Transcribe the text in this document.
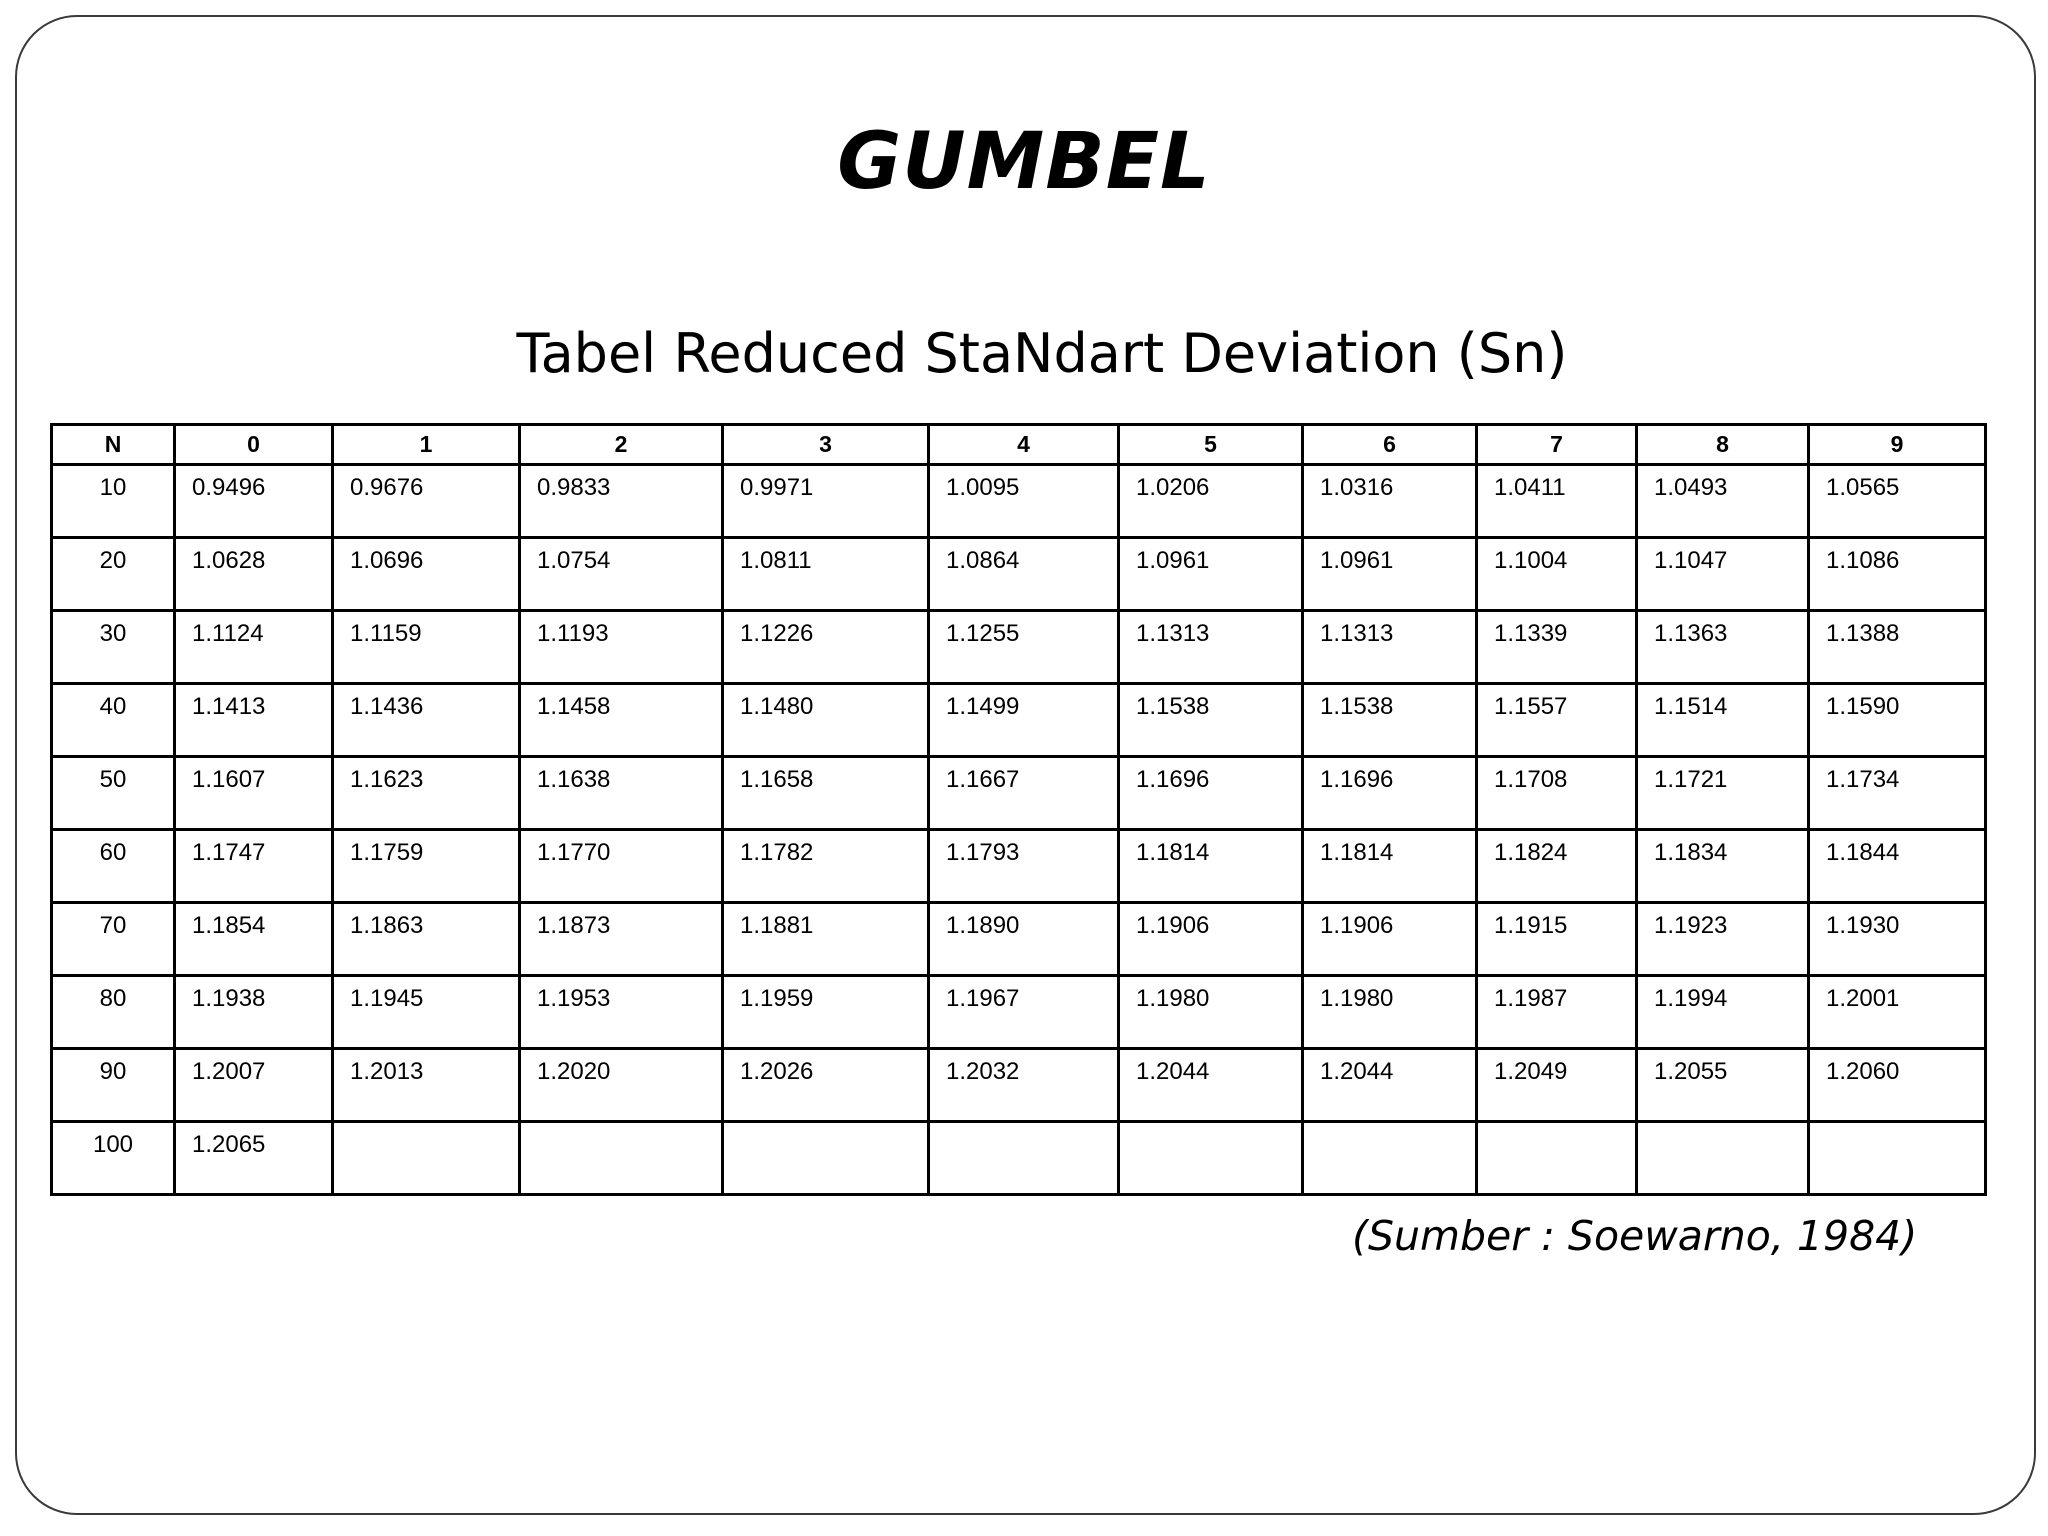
GUMBEL
Tabel Reduced StaNdart Deviation (Sn)
N	0	1	2	3	4	5	6	7	8	9
10	0.9496	0.9676	0.9833	0.9971	1.0095	1.0206	1.0316	1.0411	1.0493	1.0565
20	1.0628	1.0696	1.0754	1.0811	1.0864	1.0961	1.0961	1.1004	1.1047	1.1086
30	1.1124	1.1159	1.1193	1.1226	1.1255	1.1313	1.1313	1.1339	1.1363	1.1388
40	1.1413	1.1436	1.1458	1.1480	1.1499	1.1538	1.1538	1.1557	1.1514	1.1590
50	1.1607	1.1623	1.1638	1.1658	1.1667	1.1696	1.1696	1.1708	1.1721	1.1734
60	1.1747	1.1759	1.1770	1.1782	1.1793	1.1814	1.1814	1.1824	1.1834	1.1844
70	1.1854	1.1863	1.1873	1.1881	1.1890	1.1906	1.1906	1.1915	1.1923	1.1930
80	1.1938	1.1945	1.1953	1.1959	1.1967	1.1980	1.1980	1.1987	1.1994	1.2001
90	1.2007	1.2013	1.2020	1.2026	1.2032	1.2044	1.2044	1.2049	1.2055	1.2060
100	1.2065									
(Sumber : Soewarno, 1984)
